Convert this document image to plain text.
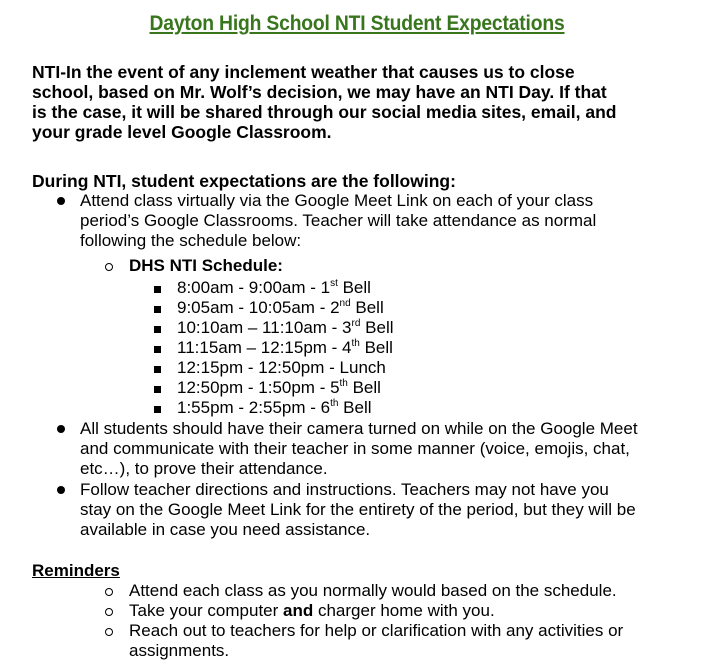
Dayton High School NTI Student Expectations
NTI-In the event of any inclement weather that causes us to close
school, based on Mr. Wolf’s decision, we may have an NTI Day. If that
is the case, it will be shared through our social media sites, email, and
your grade level Google Classroom.
During NTI, student expectations are the following:
Attend class virtually via the Google Meet Link on each of your class
period’s Google Classrooms. Teacher will take attendance as normal
following the schedule below:
DHS NTI Schedule:
8:00am - 9:00am - 1st Bell
9:05am - 10:05am - 2nd Bell
10:10am – 11:10am - 3rd Bell
11:15am – 12:15pm - 4th Bell
12:15pm - 12:50pm - Lunch
12:50pm - 1:50pm - 5th Bell
1:55pm - 2:55pm - 6th Bell
All students should have their camera turned on while on the Google Meet
and communicate with their teacher in some manner (voice, emojis, chat,
etc…), to prove their attendance.
Follow teacher directions and instructions. Teachers may not have you
stay on the Google Meet Link for the entirety of the period, but they will be
available in case you need assistance.
Reminders
Attend each class as you normally would based on the schedule.
Take your computer and charger home with you.
Reach out to teachers for help or clarification with any activities or
assignments.
